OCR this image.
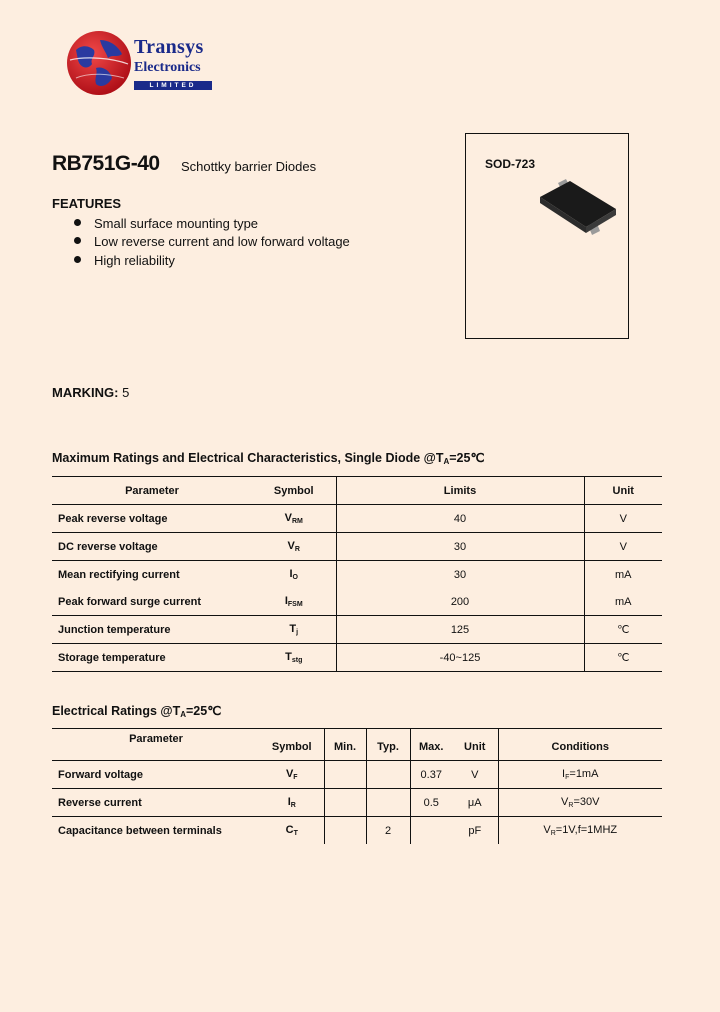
Transys
Electronics
LIMITED
RB751G-40 Schottky barrier Diodes
FEATURES
Small surface mounting type
Low reverse current and low forward voltage
High reliability
SOD-723
MARKING: 5
Maximum Ratings and Electrical Characteristics, Single Diode $@T_A=25℃$
Parameter	Symbol	Limits	Unit
Peak reverse voltage	VRM	40	V
DC reverse voltage	VR	30	V
Mean rectifying current	IO	30	mA
Peak forward surge current	IFSM	200	mA
Junction temperature	Tj	125	℃
Storage temperature	Tstg	-40~125	℃
Electrical Ratings $@T_A=25℃$
Parameter	Symbol	Min.	Typ.	Max.	Unit	Conditions
Forward voltage	VF			0.37	V	IF=1mA
Reverse current	IR			0.5	μA	VR=30V
Capacitance between terminals	CT		2		pF	VR=1V,f=1MHZ
